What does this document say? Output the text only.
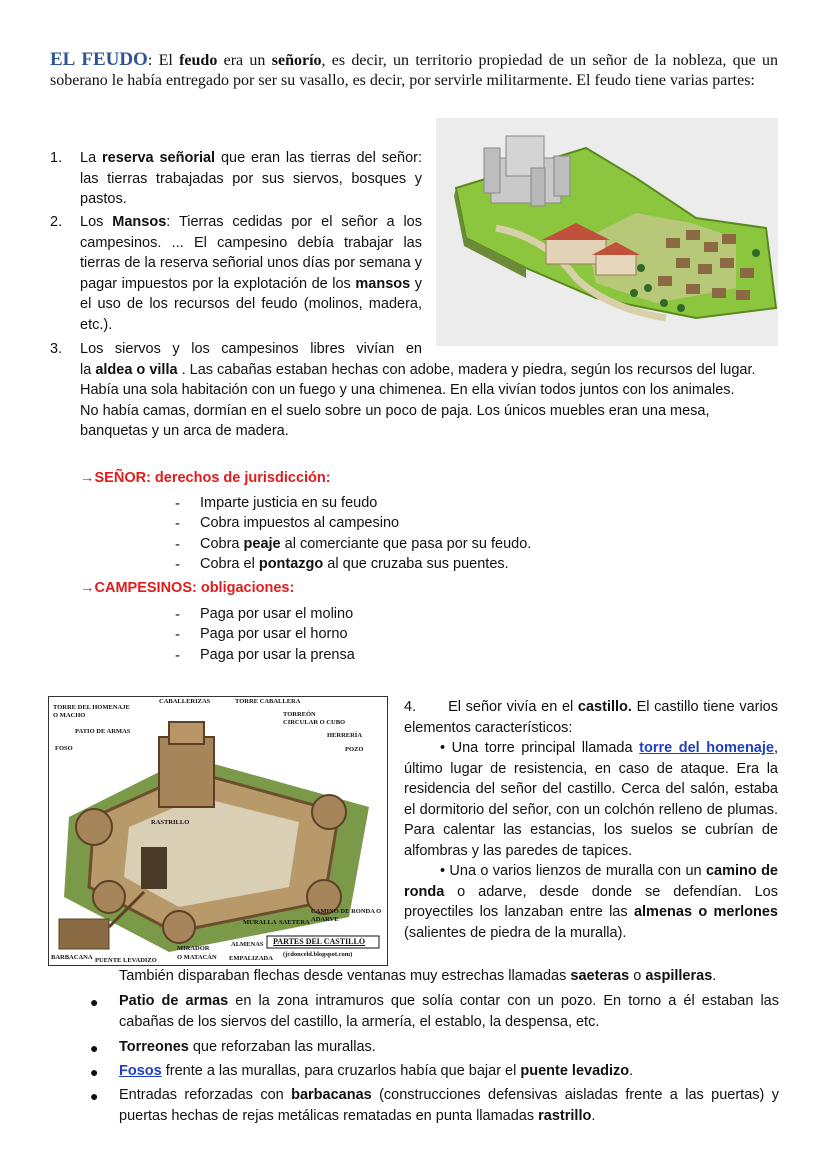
EL FEUDO: El feudo era un señorío, es decir, un territorio propiedad de un señor de la nobleza, que un soberano le había entregado por ser su vasallo, es decir, por servirle militarmente. El feudo tiene varias partes:
1. La reserva señorial que eran las tierras del señor: las tierras trabajadas por sus siervos, bosques y pastos.
2. Los Mansos: Tierras cedidas por el señor a los campesinos. ... El campesino debía trabajar las tierras de la reserva señorial unos días por semana y pagar impuestos por la explotación de los mansos y el uso de los recursos del feudo (molinos, madera, etc.).
3. Los siervos y los campesinos libres vivían en
la aldea o villa . Las cabañas estaban hechas con adobe, madera y piedra, según los recursos del lugar.
Había una sola habitación con un fuego y una chimenea. En ella vivían todos juntos con los animales.
No había camas, dormían en el suelo sobre un poco de paja. Los únicos muebles eran una mesa,
banquetas y un arca de madera.
→SEÑOR: derechos de jurisdicción:
- Imparte justicia en su feudo
- Cobra impuestos al campesino
- Cobra peaje al comerciante que pasa por su feudo.
- Cobra el pontazgo al que cruzaba sus puentes.
→CAMPESINOS: obligaciones:
- Paga por usar el molino
- Paga por usar el horno
- Paga por usar la prensa
TORRE DEL HOMENAJE
O MACHO
CABALLERIZAS	TORRE CABALLERA
TORREÓN
CIRCULAR O CUBO
HERRERÍA
PATIO DE ARMAS
FOSO	POZO
RASTRILLO
CAMINO DE RONDA O
ADARVE
MURALLA SAETERA
PARTES DEL CASTILLO
(jcdonceld.blogspot.com)
ALMENAS
EMPALIZADA
MIRADOR
O MATACÁN
BARBACANA PUENTE LEVADIZO
4. El señor vivía en el castillo. El castillo tiene varios elementos característicos:
• Una torre principal llamada torre del homenaje, último lugar de resistencia, en caso de ataque. Era la residencia del señor del castillo. Cerca del salón, estaba el dormitorio del señor, con un colchón relleno de plumas. Para calentar las estancias, los suelos se cubrían de alfombras y las paredes de tapices.
• Una o varios lienzos de muralla con un camino de ronda o adarve, desde donde se defendían. Los proyectiles los lanzaban entre las almenas o merlones (salientes de piedra de la muralla).
También disparaban flechas desde ventanas muy estrechas llamadas saeteras o aspilleras.
● Patio de armas en la zona intramuros que solía contar con un pozo. En torno a él estaban las cabañas de los siervos del castillo, la armería, el establo, la despensa, etc.
● Torreones que reforzaban las murallas.
● Fosos frente a las murallas, para cruzarlos había que bajar el puente levadizo.
● Entradas reforzadas con barbacanas (construcciones defensivas aisladas frente a las puertas) y puertas hechas de rejas metálicas rematadas en punta llamadas rastrillo.
